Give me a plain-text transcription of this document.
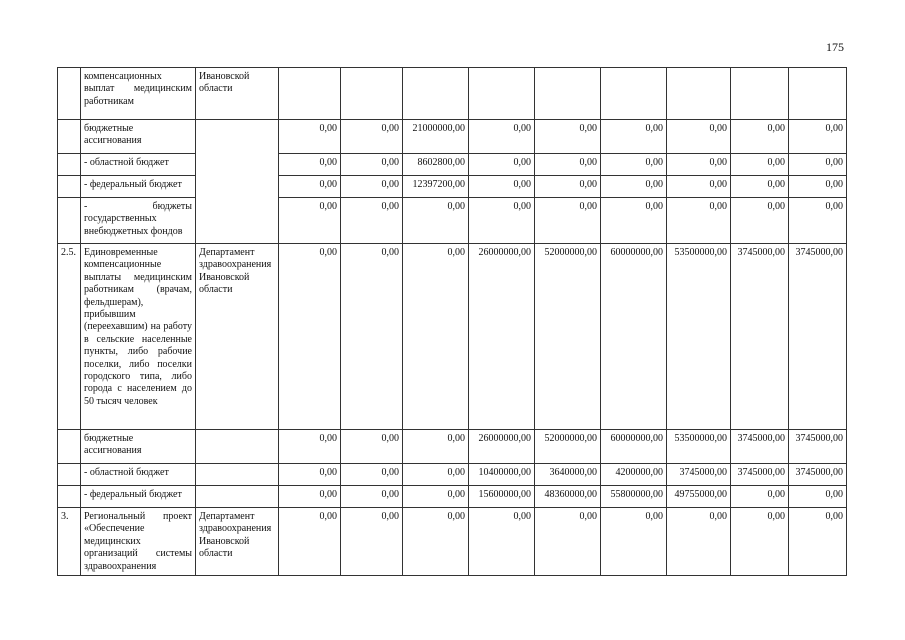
175
	компенсационных выплат медицинским работникам	Ивановской области									
	бюджетные ассигнования		0,00	0,00	21000000,00	0,00	0,00	0,00	0,00	0,00	0,00
	- областной бюджет		0,00	0,00	8602800,00	0,00	0,00	0,00	0,00	0,00	0,00
	- федеральный бюджет		0,00	0,00	12397200,00	0,00	0,00	0,00	0,00	0,00	0,00
	- бюджеты государственных внебюджетных фондов		0,00	0,00	0,00	0,00	0,00	0,00	0,00	0,00	0,00
2.5.	Единовременные компенсационные выплаты медицинским работникам (врачам, фельдшерам), прибывшим (переехавшим) на работу в сельские населенные пункты, либо рабочие поселки, либо поселки городского типа, либо города с населением до 50 тысяч человек	Департамент здравоохранения Ивановской области	0,00	0,00	0,00	26000000,00	52000000,00	60000000,00	53500000,00	3745000,00	3745000,00
	бюджетные ассигнования		0,00	0,00	0,00	26000000,00	52000000,00	60000000,00	53500000,00	3745000,00	3745000,00
	- областной бюджет		0,00	0,00	0,00	10400000,00	3640000,00	4200000,00	3745000,00	3745000,00	3745000,00
	- федеральный бюджет		0,00	0,00	0,00	15600000,00	48360000,00	55800000,00	49755000,00	0,00	0,00
3.	Региональный проект «Обеспечение медицинских организаций системы здравоохранения	Департамент здравоохранения Ивановской области	0,00	0,00	0,00	0,00	0,00	0,00	0,00	0,00	0,00
